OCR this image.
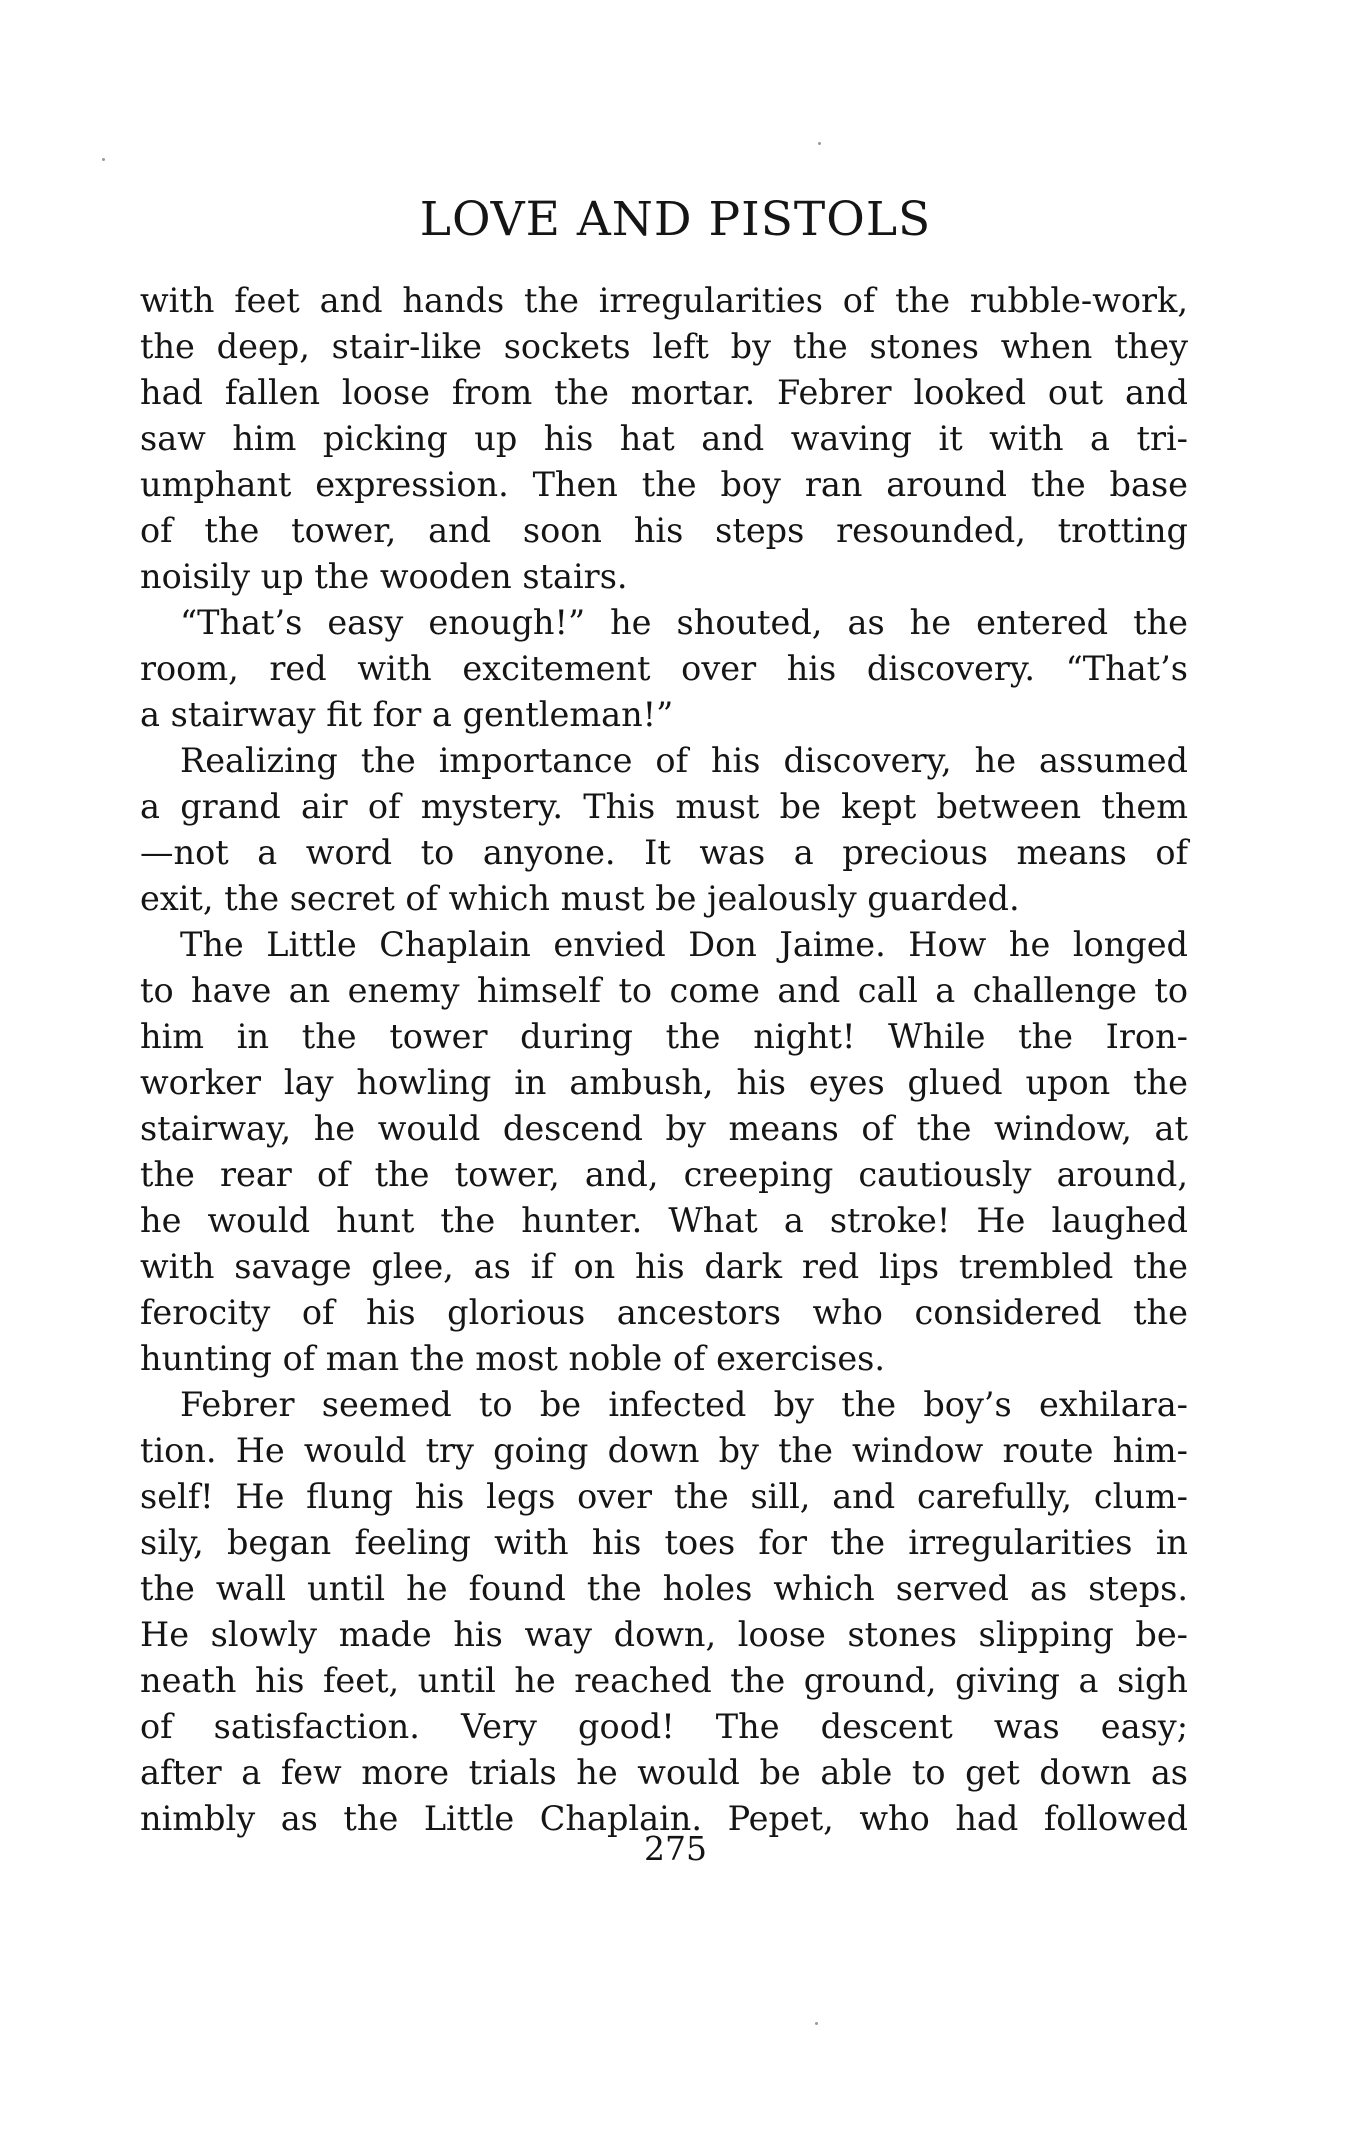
LOVE AND PISTOLS

with feet and hands the irregularities of the rubble-work,
the deep, stair-like sockets left by the stones when they
had fallen loose from the mortar. Febrer looked out and
saw him picking up his hat and waving it with a tri-
umphant expression. Then the boy ran around the base
of the tower, and soon his steps resounded, trotting
noisily up the wooden stairs.

“That’s easy enough!” he shouted, as he entered the
room, red with excitement over his discovery. “That’s
a stairway fit for a gentleman!”

Realizing the importance of his discovery, he assumed
a grand air of mystery. This must be kept between them
—not a word to anyone. It was a precious means of
exit, the secret of which must be jealously guarded.

The Little Chaplain envied Don Jaime. How he longed
to have an enemy himself to come and call a challenge to
him in the tower during the night! While the Iron-
worker lay howling in ambush, his eyes glued upon the
stairway, he would descend by means of the window, at
the rear of the tower, and, creeping cautiously around,
he would hunt the hunter. What a stroke! He laughed
with savage glee, as if on his dark red lips trembled the
ferocity of his glorious ancestors who considered the
hunting of man the most noble of exercises.

Febrer seemed to be infected by the boy’s exhilara-
tion. He would try going down by the window route him-
self! He flung his legs over the sill, and carefully, clum-
sily, began feeling with his toes for the irregularities in
the wall until he found the holes which served as steps.
He slowly made his way down, loose stones slipping be-
neath his feet, until he reached the ground, giving a sigh
of satisfaction. Very good! The descent was easy;
after a few more trials he would be able to get down as
nimbly as the Little Chaplain. Pepet, who had followed

275
